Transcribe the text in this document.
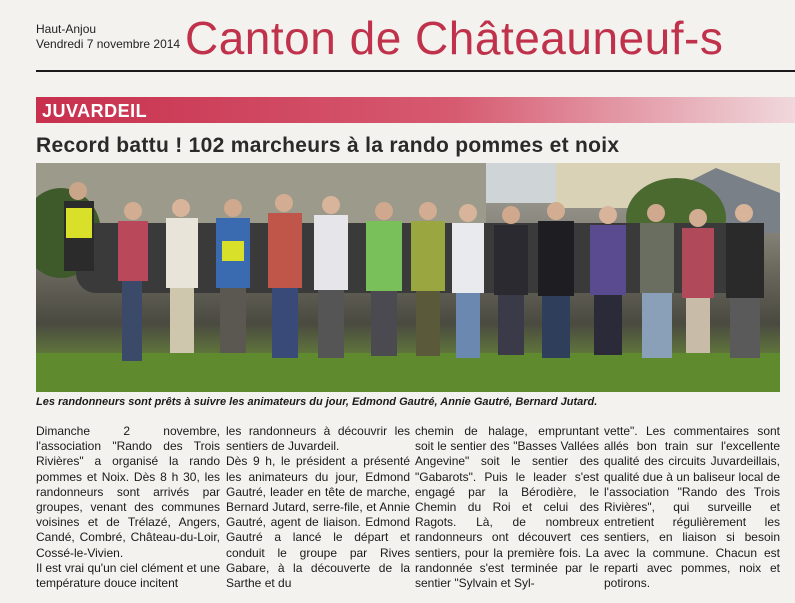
Haut-Anjou
Vendredi 7 novembre 2014 Canton de Châteauneuf-s
JUVARDEIL
Record battu ! 102 marcheurs à la rando pommes et noix
Les randonneurs sont prêts à suivre les animateurs du jour, Edmond Gautré, Annie Gautré, Bernard Jutard.
Dimanche 2 novembre, l'association "Rando des Trois Rivières" a organisé la rando pommes et Noix. Dès 8 h 30, les randonneurs sont arrivés par groupes, venant des communes voisines et de Trélazé, Angers, Candé, Combré, Château-du-Loir, Cossé-le-Vivien.
Il est vrai qu'un ciel clément et une température douce incitent
les randonneurs à découvrir les sentiers de Juvardeil.
Dès 9 h, le président a présenté les animateurs du jour, Edmond Gautré, leader en tête de marche, Bernard Jutard, serre-file, et Annie Gautré, agent de liaison. Edmond Gautré a lancé le départ et conduit le groupe par Rives Gabare, à la découverte de la Sarthe et du
chemin de halage, empruntant soit le sentier des "Basses Vallées Angevine" soit le sentier des "Gabarots". Puis le leader s'est engagé par la Bérodière, le Chemin du Roi et celui des Ragots. Là, de nombreux randonneurs ont découvert ces sentiers, pour la première fois. La randonnée s'est terminée par le sentier "Sylvain et Syl-
vette". Les commentaires sont allés bon train sur l'excellente qualité des circuits Juvardeillais, qualité due à un baliseur local de l'association "Rando des Trois Rivières", qui surveille et entretient régulièrement les sentiers, en liaison si besoin avec la commune. Chacun est reparti avec pommes, noix et potirons.
